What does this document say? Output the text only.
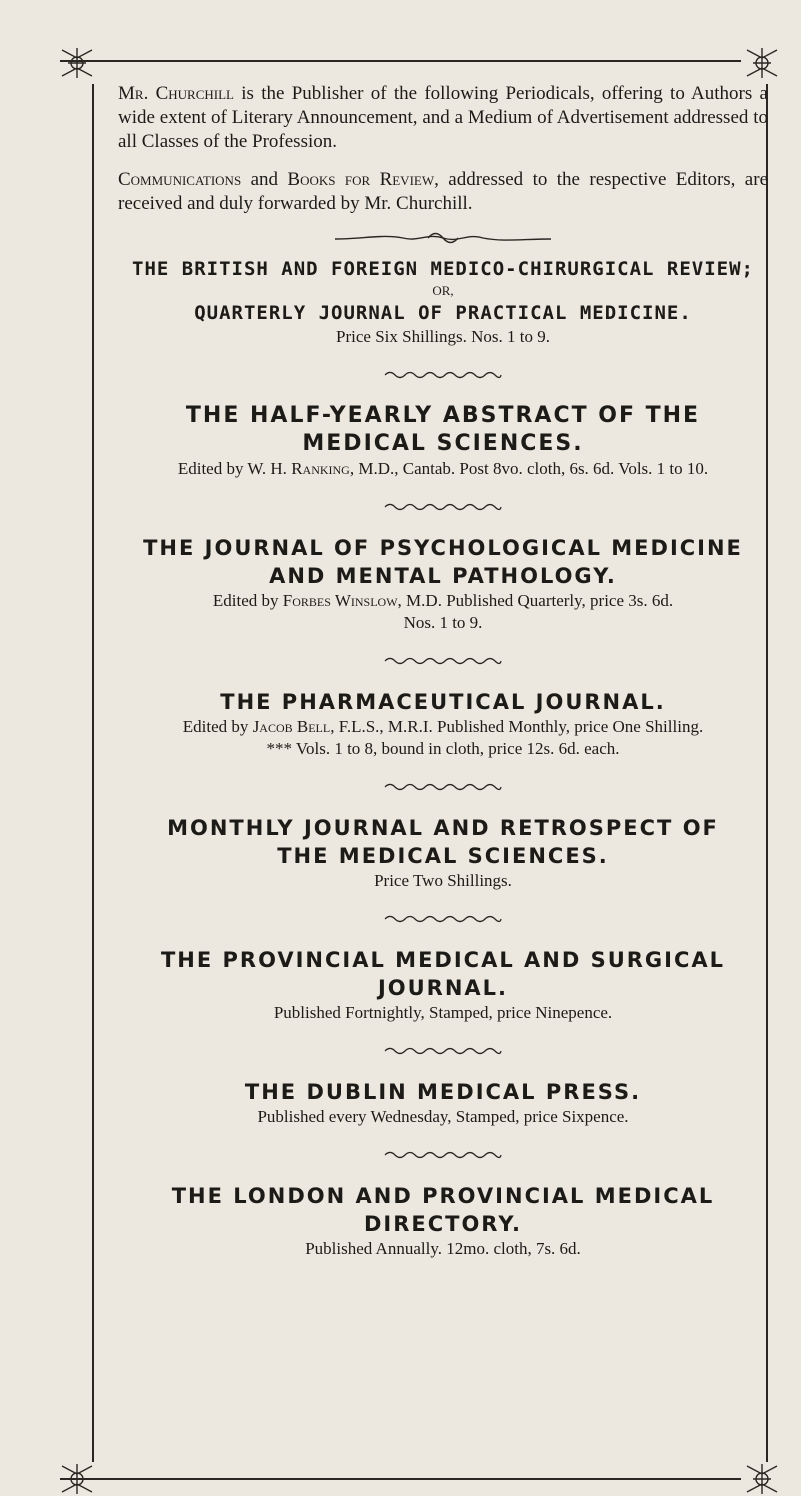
Mr. Churchill is the Publisher of the following Periodicals, offering to Authors a wide extent of Literary Announcement, and a Medium of Advertisement addressed to all Classes of the Profession.

Communications and Books for Review, addressed to the respective Editors, are received and duly forwarded by Mr. Churchill.

THE BRITISH AND FOREIGN MEDICO-CHIRURGICAL REVIEW;

OR,

QUARTERLY JOURNAL OF PRACTICAL MEDICINE.

Price Six Shillings. Nos. 1 to 9.

THE HALF-YEARLY ABSTRACT OF THE

MEDICAL SCIENCES.

Edited by W. H. Ranking, M.D., Cantab. Post 8vo. cloth, 6s. 6d. Vols. 1 to 10.

THE JOURNAL OF PSYCHOLOGICAL MEDICINE

AND MENTAL PATHOLOGY.

Edited by Forbes Winslow, M.D. Published Quarterly, price 3s. 6d.

Nos. 1 to 9.

THE PHARMACEUTICAL JOURNAL.

Edited by Jacob Bell, F.L.S., M.R.I. Published Monthly, price One Shilling.

*** Vols. 1 to 8, bound in cloth, price 12s. 6d. each.

MONTHLY JOURNAL AND RETROSPECT OF

THE MEDICAL SCIENCES.

Price Two Shillings.

THE PROVINCIAL MEDICAL AND SURGICAL

JOURNAL.

Published Fortnightly, Stamped, price Ninepence.

THE DUBLIN MEDICAL PRESS.

Published every Wednesday, Stamped, price Sixpence.

THE LONDON AND PROVINCIAL MEDICAL

DIRECTORY.

Published Annually. 12mo. cloth, 7s. 6d.
